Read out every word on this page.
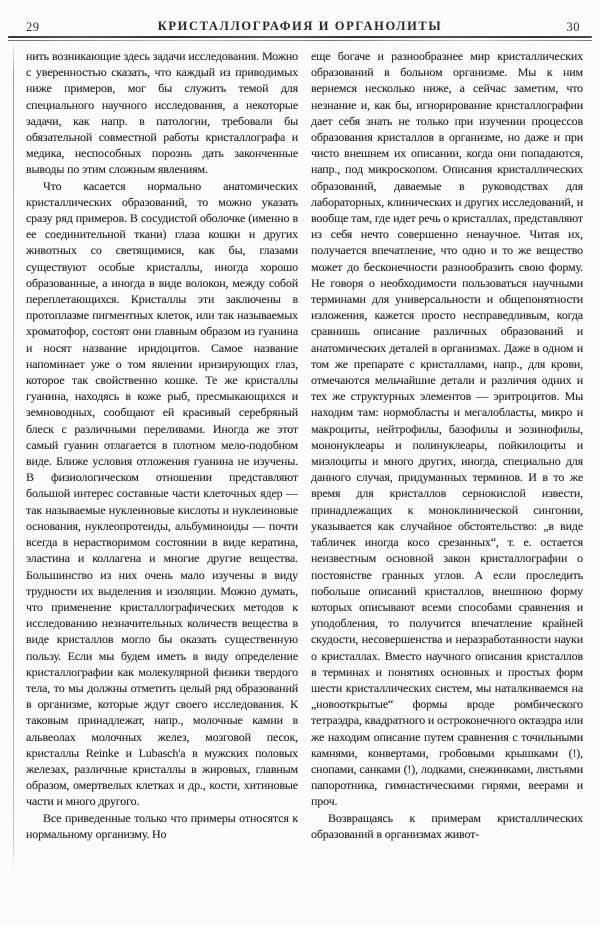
29	КРИСТАЛЛОГРАФИЯ И ОРГАНОЛИТЫ	30

нить возникающие здесь задачи исследования. Можно с уверенностью сказать, что каждый из приводимых ниже примеров, мог бы служить темой для специального научного исследования, а некоторые задачи, как напр. в патологии, требовали бы обязательной совместной работы кристаллографа и медика, неспособных порознь дать законченные выводы по этим сложным явлениям.

Что касается нормально анатомических кристаллических образований, то можно указать сразу ряд примеров. В сосудистой оболочке (именно в ее соединительной ткани) глаза кошки и других животных со светящимися, как бы, глазами существуют особые кристаллы, иногда хорошо образованные, а иногда в виде волокон, между собой переплетающихся. Кристаллы эти заключены в протоплазме пигментных клеток, или так называемых хроматофор, состоят они главным образом из гуанина и носят название иридоцитов. Самое название напоминает уже о том явлении иризирующих глаз, которое так свойственно кошке. Те же кристаллы гуанина, находясь в коже рыб, пресмыкающихся и земноводных, сообщают ей красивый серебряный блеск с различными переливами. Иногда же этот самый гуанин отлагается в плотном мело-подобном виде. Ближе условия отложения гуанина не изучены. В физиологическом отношении представляют большой интерес составные части клеточных ядер — так называемые нуклеиновые кислоты и нуклеиновые основания, нуклеопротеиды, альбуминоиды — почти всегда в нерастворимом состоянии в виде кератина, эластина и коллагена и многие другие вещества. Большинство из них очень мало изучены в виду трудности их выделения и изоляции. Можно думать, что применение кристаллографических методов к исследованию незначительных количеств вещества в виде кристаллов могло бы оказать существенную пользу. Если мы будем иметь в виду определение кристаллографии как молекулярной физики твердого тела, то мы должны отметить целый ряд образований в организме, которые ждут своего исследования. К таковым принадлежат, напр., молочные камни в альвеолах молочных желез, мозговой песок, кристаллы Reinke и Lubasch'a в мужских половых железах, различные кристаллы в жировых, главным образом, омертвелых клетках и др., кости, хитиновые части и много другого.

Все приведенные только что примеры относятся к нормальному организму. Но

еще богаче и разнообразнее мир кристаллических образований в больном организме. Мы к ним вернемся несколько ниже, а сейчас заметим, что незнание и, как бы, игнорирование кристаллографии дает себя знать не только при изучении процессов образования кристаллов в организме, но даже и при чисто внешнем их описании, когда они попадаются, напр., под микроскопом. Описания кристаллических образований, даваемые в руководствах для лабораторных, клинических и других исследований, и вообще там, где идет речь о кристаллах, представляют из себя нечто совершенно ненаучное. Читая их, получается впечатление, что одно и то же вещество может до бесконечности разнообразить свою форму. Не говоря о необходимости пользоваться научными терминами для универсальности и общепонятности изложения, кажется просто несправедливым, когда сравнишь описание различных образований и анатомических деталей в организмах. Даже в одном и том же препарате с кристаллами, напр., для крови, отмечаются мельчайшие детали и различия одних и тех же структурных элементов — эритроцитов. Мы находим там: нормобласты и мегалобласты, микро и макроциты, нейтрофилы, базофилы и эозинофилы, мононуклеары и полинуклеары, пойкилоциты и миэлоциты и много других, иногда, специально для данного случая, придуманных терминов. И в то же время для кристаллов сернокислой извести, принадлежащих к моноклинической сингонии, указывается как случайное обстоятельство: „в виде табличек иногда косо срезанных“, т. е. остается неизвестным основной закон кристаллографии о постоянстве гранных углов. А если проследить побольше описаний кристаллов, внешнюю форму которых описывают всеми способами сравнения и уподобления, то получится впечатление крайней скудости, несовершенства и неразработанности науки о кристаллах. Вместо научного описания кристаллов в терминах и понятиях основных и простых форм шести кристаллических систем, мы наталкиваемся на „новооткрытые“ формы вроде ромбического тетраэдра, квадратного и остроконечного октаэдра или же находим описание путем сравнения с точильными камнями, конвертами, гробовыми крышками (!), снопами, санками (!), лодками, снежинками, листьями папоротника, гимнастическими гирями, веерами и проч.

Возвращаясь к примерам кристаллических образований в организмах живот-
